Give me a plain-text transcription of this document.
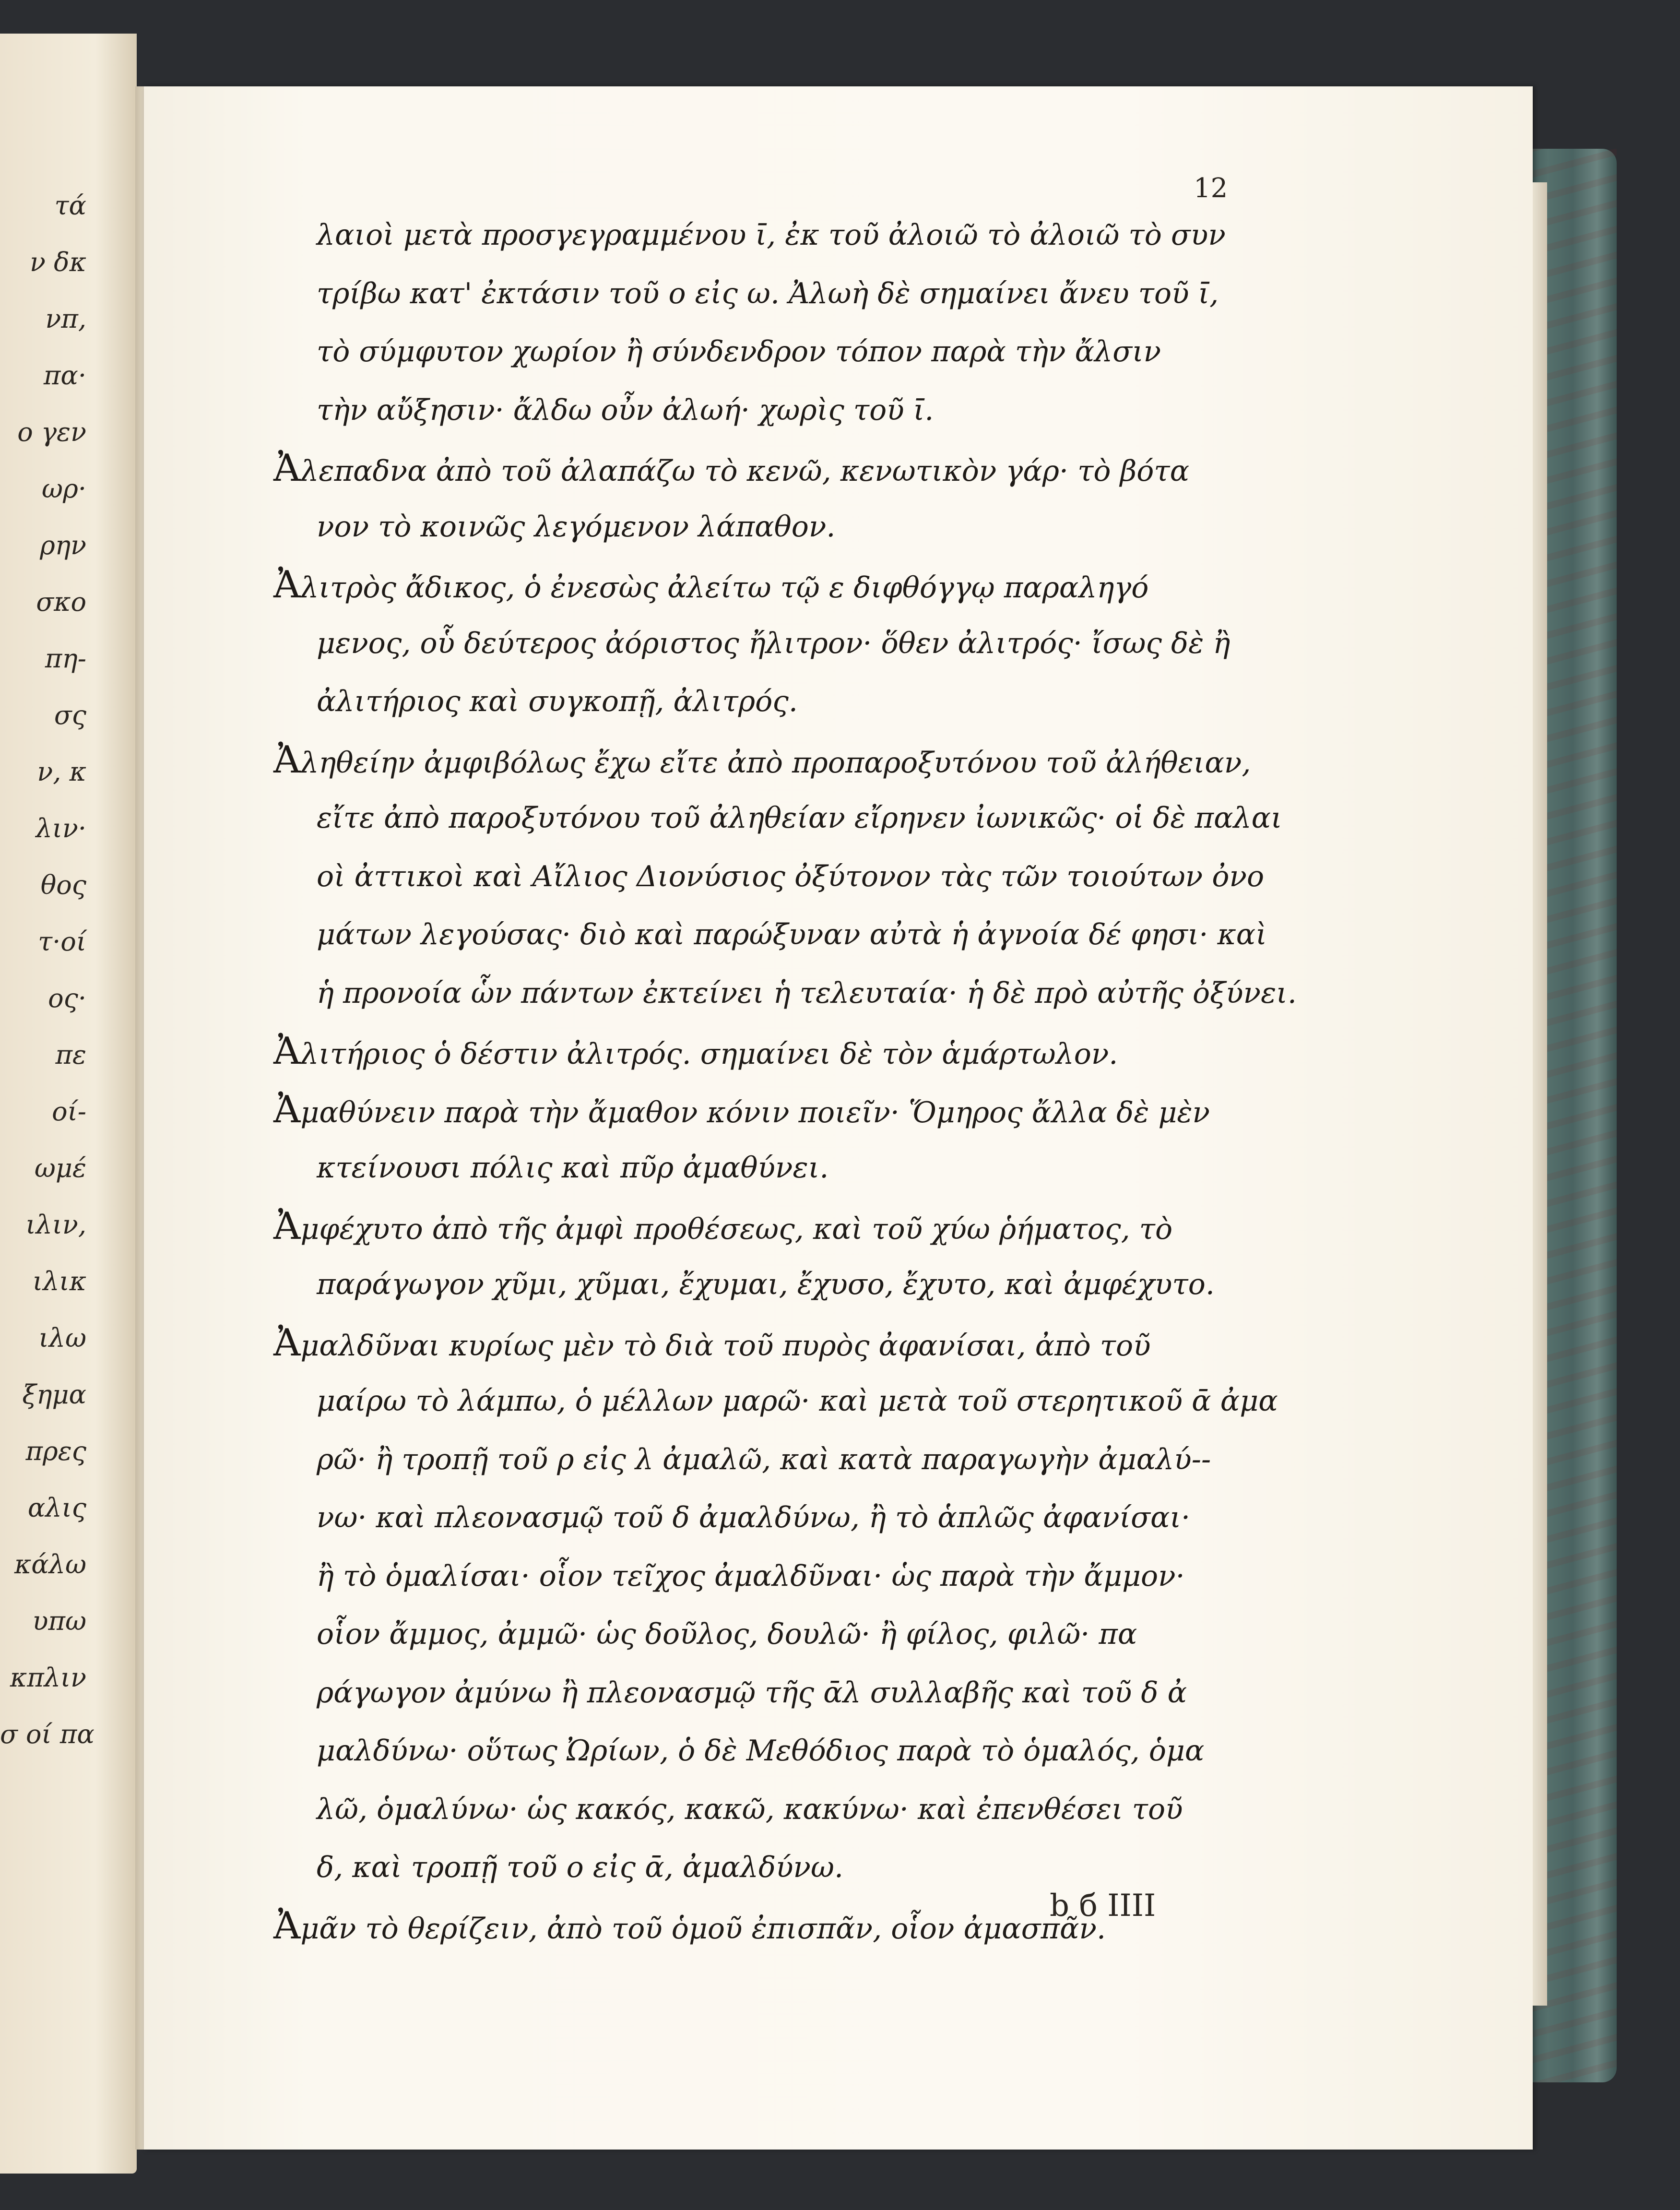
τά
ν δκ
νπ,
πα·
ο γεν
ωρ·
ρην
σκο
πη-
σς
ν, κ
λιν·
θος
τ·οί
ος·
πε
οί-
ωμέ
ιλιν,
ιλικ
ιλω
ξημα
πρες
αλις
κάλω
υπω
κπλιν
σ οί πα
12
λαιοὶ μετὰ προσγεγραμμένου ῑ, ἐκ τοῦ ἀλοιῶ τὸ ἀλοιῶ τὸ συν
τρίβω κατ' ἐκτάσιν τοῦ ο εἰς ω. Ἀλωὴ δὲ σημαίνει ἄνευ τοῦ ῑ,
τὸ σύμφυτον χωρίον ἢ σύνδενδρον τόπον παρὰ τὴν ἄλσιν
τὴν αὔξησιν· ἄλδω οὖν ἀλωή· χωρὶς τοῦ ῑ.
Ἀλεπαδνα ἀπὸ τοῦ ἀλαπάζω τὸ κενῶ, κενωτικὸν γάρ· τὸ βότα
νον τὸ κοινῶς λεγόμενον λάπαθον.
Ἀλιτρὸς ἄδικος, ὁ ἐνεσὼς ἀλείτω τῷ ε διφθόγγῳ παραληγό
μενος, οὗ δεύτερος ἀόριστος ἤλιτρον· ὅθεν ἀλιτρός· ἴσως δὲ ἢ
ἀλιτήριος καὶ συγκοπῇ, ἀλιτρός.
Ἀληθείην ἀμφιβόλως ἔχω εἴτε ἀπὸ προπαροξυτόνου τοῦ ἀλήθειαν,
εἴτε ἀπὸ παροξυτόνου τοῦ ἀληθείαν εἴρηνεν ἰωνικῶς· οἱ δὲ παλαι
οὶ ἀττικοὶ καὶ Αἴλιος Διονύσιος ὀξύτονον τὰς τῶν τοιούτων ὀνο
μάτων λεγούσας· διὸ καὶ παρώξυναν αὐτὰ ἡ ἀγνοία δέ φησι· καὶ
ἡ προνοία ὧν πάντων ἐκτείνει ἡ τελευταία· ἡ δὲ πρὸ αὐτῆς ὀξύνει.
Ἀλιτήριος ὁ δέστιν ἀλιτρός. σημαίνει δὲ τὸν ἁμάρτωλον.
Ἀμαθύνειν παρὰ τὴν ἄμαθον κόνιν ποιεῖν· Ὅμηρος ἄλλα δὲ μὲν
κτείνουσι πόλις καὶ πῦρ ἀμαθύνει.
Ἀμφέχυτο ἀπὸ τῆς ἀμφὶ προθέσεως, καὶ τοῦ χύω ῥήματος, τὸ
παράγωγον χῦμι, χῦμαι, ἔχυμαι, ἔχυσο, ἔχυτο, καὶ ἀμφέχυτο.
Ἀμαλδῦναι κυρίως μὲν τὸ διὰ τοῦ πυρὸς ἀφανίσαι, ἀπὸ τοῦ
μαίρω τὸ λάμπω, ὁ μέλλων μαρῶ· καὶ μετὰ τοῦ στερητικοῦ ᾱ ἀμα
ρῶ· ἢ τροπῇ τοῦ ρ εἰς λ ἀμαλῶ, καὶ κατὰ παραγωγὴν ἀμαλύ--
νω· καὶ πλεονασμῷ τοῦ δ ἀμαλδύνω, ἢ τὸ ἁπλῶς ἀφανίσαι·
ἢ τὸ ὁμαλίσαι· οἷον τεῖχος ἀμαλδῦναι· ὡς παρὰ τὴν ἄμμον·
οἷον ἄμμος, ἀμμῶ· ὡς δοῦλος, δουλῶ· ἢ φίλος, φιλῶ· πα
ράγωγον ἀμύνω ἢ πλεονασμῷ τῆς ᾱλ συλλαβῆς καὶ τοῦ δ ἀ
μαλδύνω· οὕτως Ὠρίων, ὁ δὲ Μεθόδιος παρὰ τὸ ὁμαλός, ὁμα
λῶ, ὁμαλύνω· ὡς κακός, κακῶ, κακύνω· καὶ ἐπενθέσει τοῦ
δ, καὶ τροπῇ τοῦ ο εἰς ᾱ, ἀμαλδύνω.
Ἀμᾶν τὸ θερίζειν, ἀπὸ τοῦ ὁμοῦ ἐπισπᾶν, οἷον ἀμασπᾶν.
b б IIII
